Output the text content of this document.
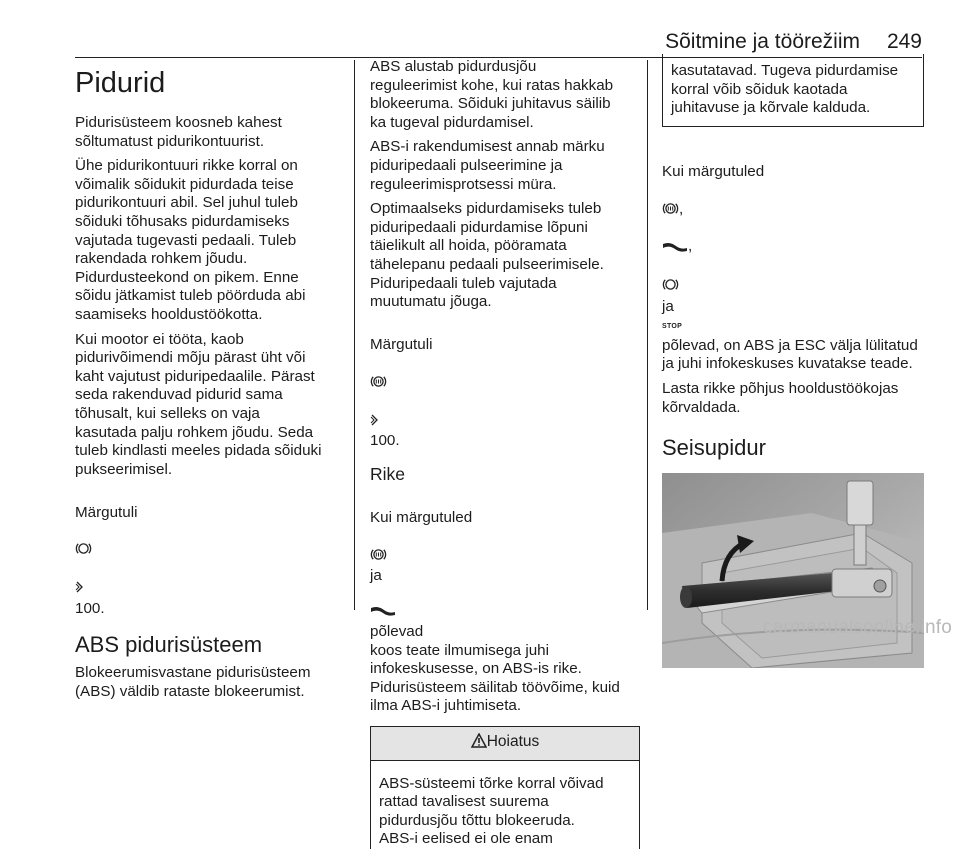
Sõitmine ja töörežiim 249
Pidurid

Pidurisüsteem koosneb kahest
sõltumatust pidurikontuurist.

Ühe pidurikontuuri rikke korral on
võimalik sõidukit pidurdada teise
pidurikontuuri abil. Sel juhul tuleb
sõiduki tõhusaks pidurdamiseks
vajutada tugevasti pedaali. Tuleb
rakendada rohkem jõudu.
Pidurdusteekond on pikem. Enne
sõidu jätkamist tuleb pöörduda abi
saamiseks hooldustöökotta.

Kui mootor ei tööta, kaob
pidurivõimendi mõju pärast üht või
kaht vajutust piduripedaalile. Pärast
seda rakenduvad pidurid sama
tõhusalt, kui selleks on vaja
kasutada palju rohkem jõudu. Seda
tuleb kindlasti meeles pidada sõiduki
pukseerimisel.

Märgutuli

100.

ABS pidurisüsteem

Blokeerumisvastane pidurisüsteem
(ABS) väldib rataste blokeerumist.

ABS alustab pidurdusjõu
reguleerimist kohe, kui ratas hakkab
blokeeruma. Sõiduki juhitavus säilib
ka tugeval pidurdamisel.

ABS-i rakendumisest annab märku
piduripedaali pulseerimine ja
reguleerimisprotsessi müra.

Optimaalseks pidurdamiseks tuleb
piduripedaali pidurdamise lõpuni
täielikult all hoida, pööramata
tähelepanu pedaali pulseerimisele.
Piduripedaali tuleb vajutada
muutumatu jõuga.

Märgutuli

100.

Rike

Kui märgutuled

ja

põlevad

koos teate ilmumisega juhi
infokeskusesse, on ABS-is rike.
Pidurisüsteem säilitab töövõime, kuid
ilma ABS-i juhtimiseta.

Hoiatus
ABS-süsteemi tõrke korral võivad
rattad tavalisest suurema
pidurdusjõu tõttu blokeeruda.
ABS-i eelised ei ole enam
kasutatavad. Tugeva pidurdamise
korral võib sõiduk kaotada
juhitavuse ja kõrvale kalduda.

Kui märgutuled

,

,

ja
STOP

põlevad, on ABS ja ESC välja lülitatud
ja juhi infokeskuses kuvatakse teade.

Lasta rikke põhjus hooldustöökojas
kõrvaldada.

Seisupidur
carmanualsonline.info
